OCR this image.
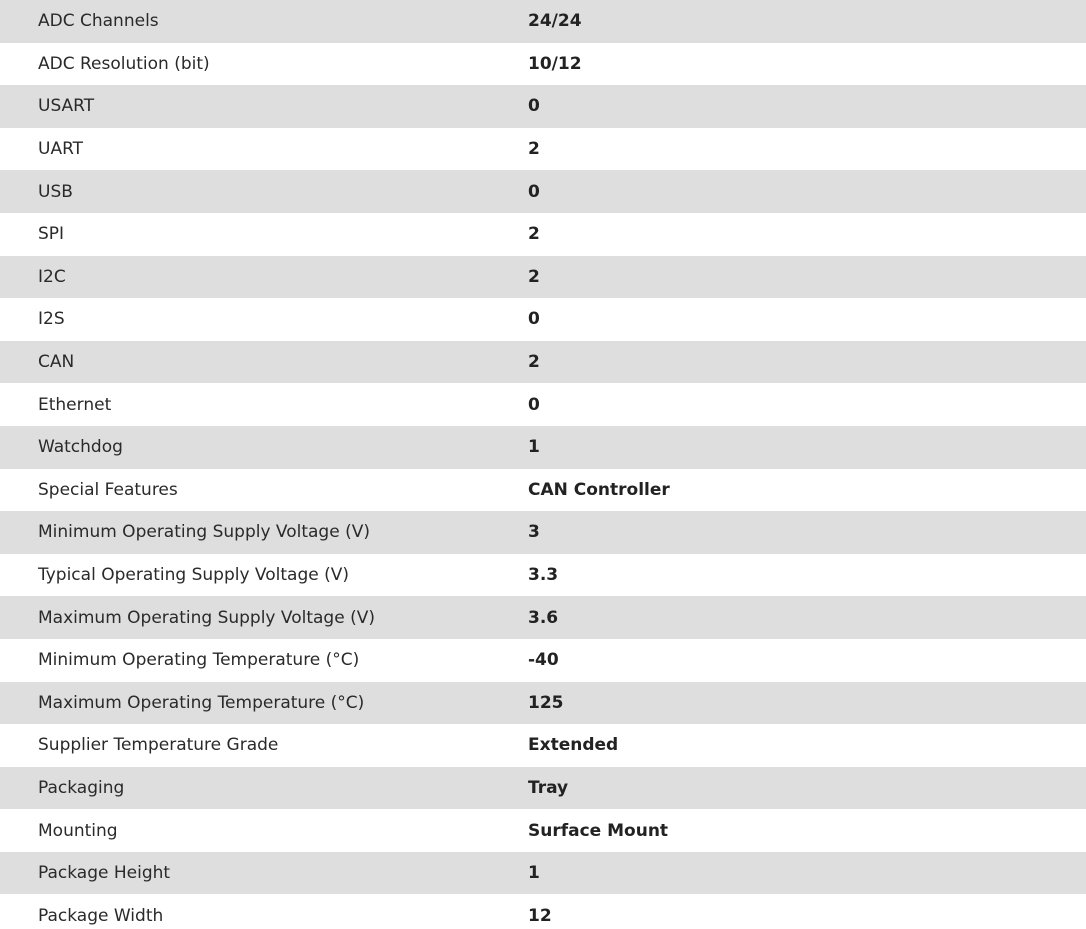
ADC Channels	24/24
ADC Resolution (bit)	10/12
USART	0
UART	2
USB	0
SPI	2
I2C	2
I2S	0
CAN	2
Ethernet	0
Watchdog	1
Special Features	CAN Controller
Minimum Operating Supply Voltage (V)	3
Typical Operating Supply Voltage (V)	3.3
Maximum Operating Supply Voltage (V)	3.6
Minimum Operating Temperature (°C)	-40
Maximum Operating Temperature (°C)	125
Supplier Temperature Grade	Extended
Packaging	Tray
Mounting	Surface Mount
Package Height	1
Package Width	12
